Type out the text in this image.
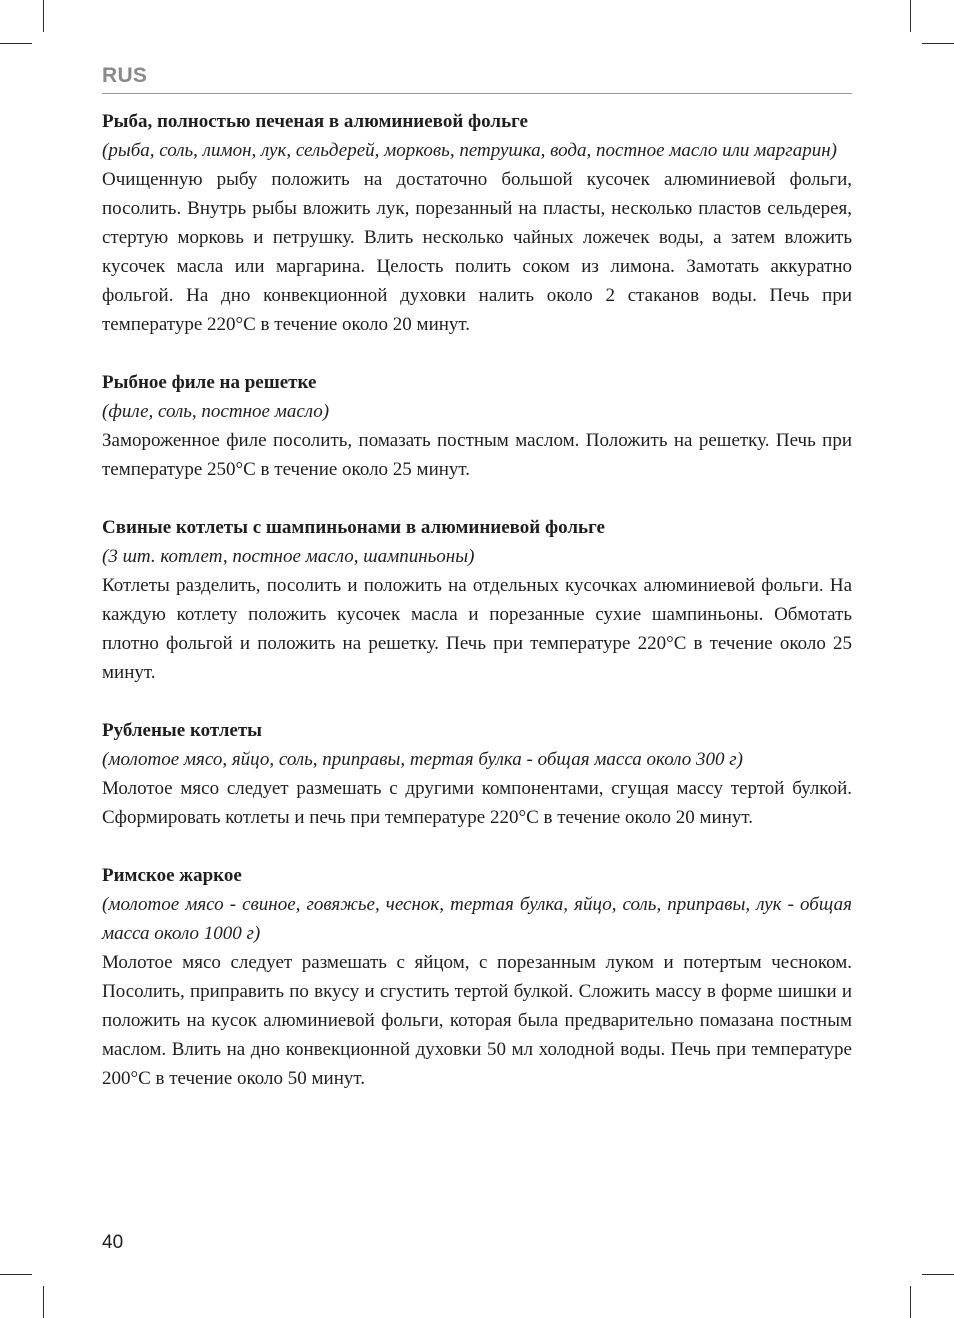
RUS

Рыба, полностью печеная в алюминиевой фольге

(рыба, соль, лимон, лук, сельдерей, морковь, петрушка, вода, постное масло или маргарин)

Очищенную рыбу положить на достаточно большой кусочек алюминиевой фольги, посолить. Внутрь рыбы вложить лук, порезанный на пласты, несколько пластов сельдерея, стертую морковь и петрушку. Влить несколько чайных ложечек воды, а затем вложить кусочек масла или маргарина. Целость полить соком из лимона. Замотать аккуратно фольгой. На дно конвекционной духовки налить около 2 стаканов воды. Печь при температуре 220°C в течение около 20 минут.

Рыбное филе на решетке

(филе, соль, постное масло)

Замороженное филе посолить, помазать постным маслом. Положить на решетку. Печь при температуре 250°C в течение около 25 минут.

Свиные котлеты с шампиньонами в алюминиевой фольге

(3 шт. котлет, постное масло, шампиньоны)

Котлеты разделить, посолить и положить на отдельных кусочках алюминиевой фольги. На каждую котлету положить кусочек масла и порезанные сухие шампиньоны. Обмотать плотно фольгой и положить на решетку. Печь при температуре 220°C в течение около 25 минут.

Рубленые котлеты

(молотое мясо, яйцо, соль, приправы, тертая булка - общая масса около 300 г)

Молотое мясо следует размешать с другими компонентами, сгущая массу тертой булкой. Сформировать котлеты и печь при температуре 220°C в течение около 20 минут.

Римское жаркое

(молотое мясо - свиное, говяжье, чеснок, тертая булка, яйцо, соль, приправы, лук - общая масса около 1000 г)

Молотое мясо следует размешать с яйцом, с порезанным луком и потертым чесноком. Посолить, приправить по вкусу и сгустить тертой булкой. Сложить массу в форме шишки и положить на кусок алюминиевой фольги, которая была предварительно помазана постным маслом. Влить на дно конвекционной духовки 50 мл холодной воды. Печь при температуре 200°C в течение около 50 минут.

40
